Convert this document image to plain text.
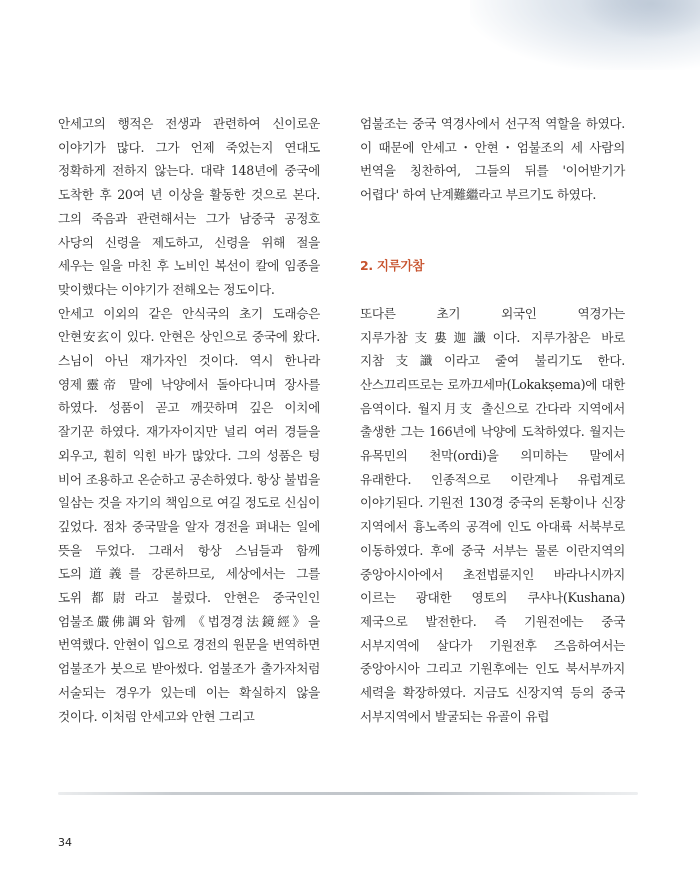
안세고의 행적은 전생과 관련하여 신이로운 이야기가 많다. 그가 언제 죽었는지 연대도 정확하게 전하지 않는다. 대략 148년에 중국에 도착한 후 20여 년 이상을 활동한 것으로 본다. 그의 죽음과 관련해서는 그가 남중국 공정호 사당의 신령을 제도하고, 신령을 위해 절을 세우는 일을 마친 후 노비인 복선이 칼에 임종을 맞이했다는 이야기가 전해오는 정도이다.

안세고 이외의 같은 안식국의 초기 도래승은 안현安玄이 있다. 안현은 상인으로 중국에 왔다. 스님이 아닌 재가자인 것이다. 역시 한나라 영제靈帝 말에 낙양에서 돌아다니며 장사를 하였다. 성품이 곧고 깨끗하며 깊은 이치에 잘기꾼 하였다. 재가자이지만 널리 여러 경들을 외우고, 훤히 익힌 바가 많았다. 그의 성품은 텅 비어 조용하고 온순하고 공손하였다. 항상 불법을 일삼는 것을 자기의 책임으로 여길 정도로 신심이 깊었다. 점차 중국말을 알자 경전을 펴내는 일에 뜻을 두었다. 그래서 항상 스님들과 함께 도의道義를 강론하므로, 세상에서는 그를 도위都尉라고 불렀다. 안현은 중국인인 엄불조嚴佛調와 함께 《법경경法鏡經》을 번역했다. 안현이 입으로 경전의 원문을 번역하면 엄불조가 붓으로 받아썼다. 엄불조가 출가자처럼 서술되는 경우가 있는데 이는 확실하지 않을 것이다. 이처럼 안세고와 안현 그리고

엄불조는 중국 역경사에서 선구적 역할을 하였다. 이 때문에 안세고・안현・엄불조의 세 사람의 번역을 칭찬하여, 그들의 뒤를 '이어받기가 어렵다' 하여 난계難繼라고 부르기도 하였다.

2. 지루가참

또다른 초기 외국인 역경가는 지루가참支婁迦讖이다. 지루가참은 바로 지참支讖이라고 줄여 불리기도 한다. 산스끄리뜨로는 로까끄세마(Lokakṣema)에 대한 음역이다. 월지月支 출신으로 간다라 지역에서 출생한 그는 166년에 낙양에 도착하였다. 월지는 유목민의 천막(ordi)을 의미하는 말에서 유래한다. 인종적으로 이란계나 유럽계로 이야기된다. 기원전 130경 중국의 돈황이나 신장 지역에서 흉노족의 공격에 인도 아대륙 서북부로 이동하였다. 후에 중국 서부는 물론 이란지역의 중앙아시아에서 초전법륜지인 바라나시까지 이르는 광대한 영토의 쿠샤나(Kushana) 제국으로 발전한다. 즉 기원전에는 중국 서부지역에 살다가 기원전후 즈음하여서는 중앙아시아 그리고 기원후에는 인도 북서부까지 세력을 확장하였다. 지금도 신장지역 등의 중국 서부지역에서 발굴되는 유골이 유럽

34
